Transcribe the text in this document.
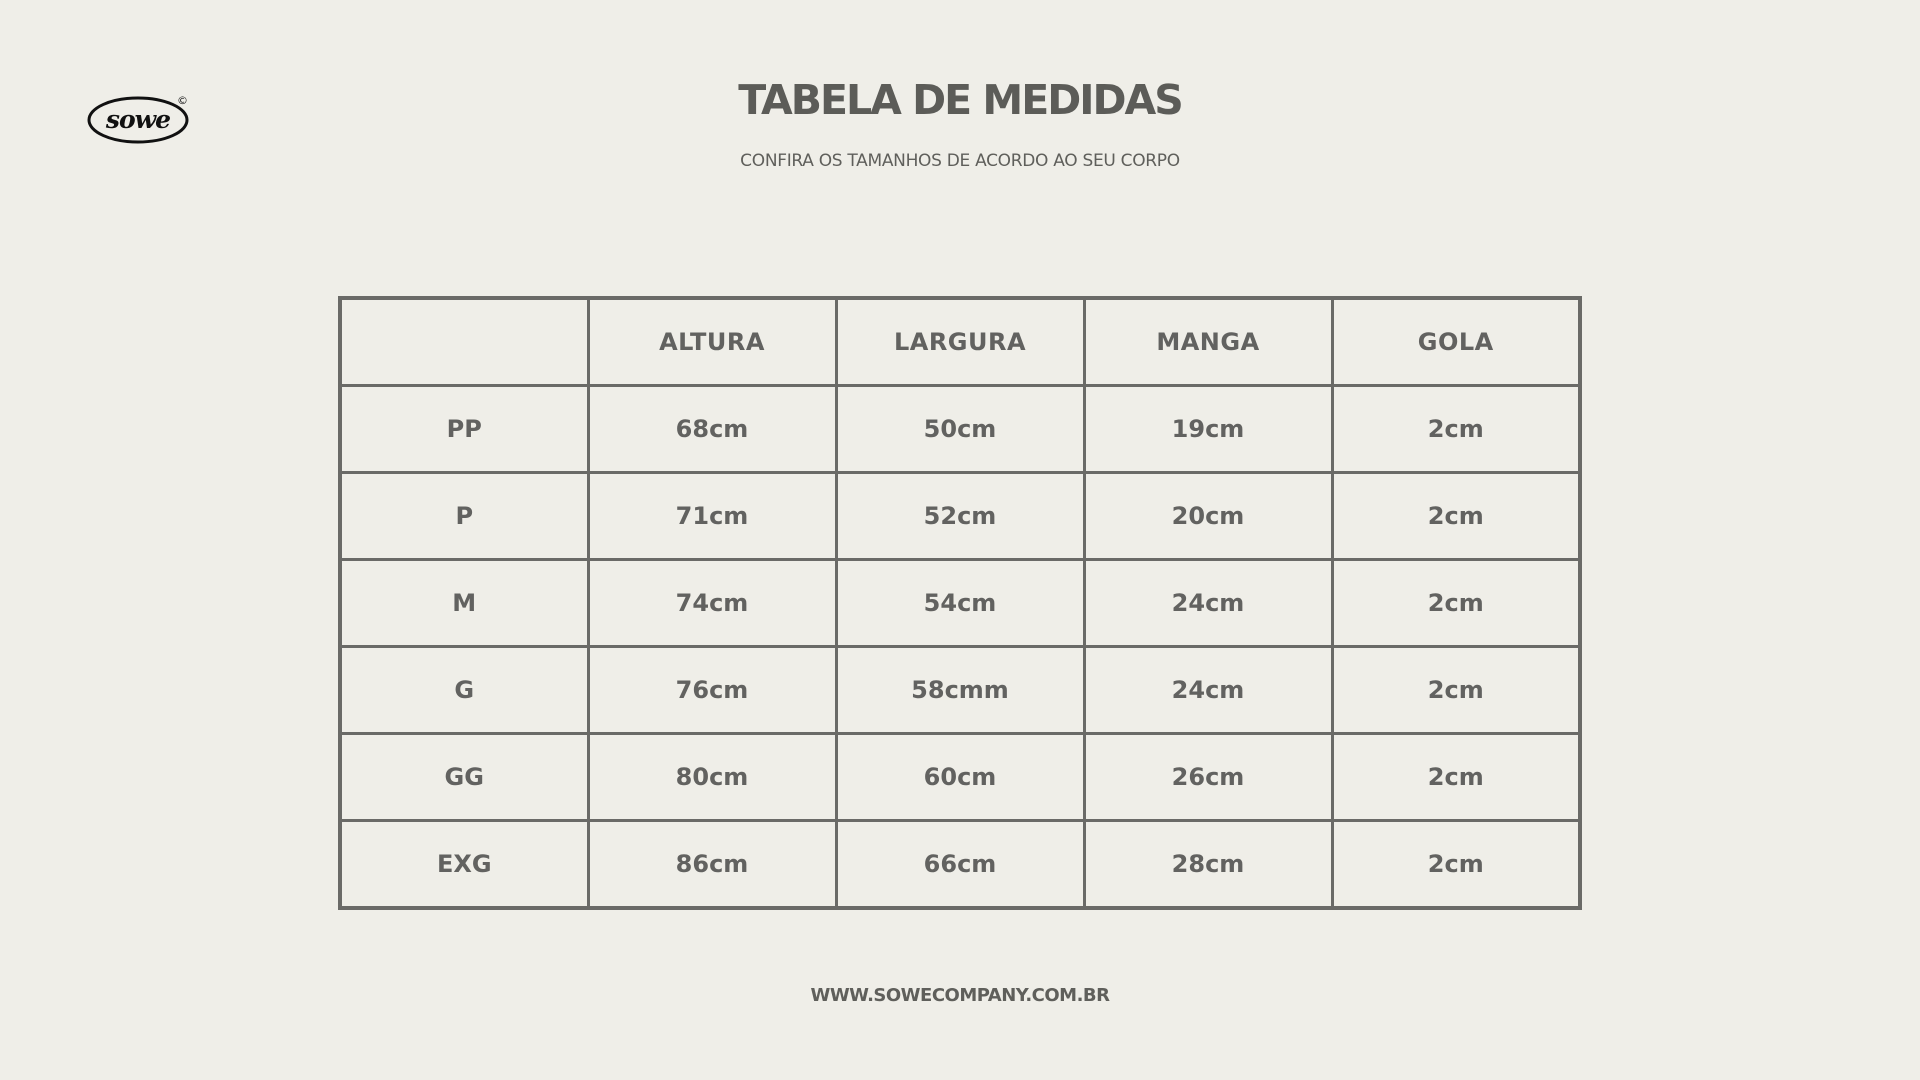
sowe
©	TABELA DE MEDIDAS
CONFIRA OS TAMANHOS DE ACORDO AO SEU CORPO
	ALTURA	LARGURA	MANGA	GOLA
PP	68cm	50cm	19cm	2cm
P	71cm	52cm	20cm	2cm
M	74cm	54cm	24cm	2cm
G	76cm	58cmm	24cm	2cm
GG	80cm	60cm	26cm	2cm
EXG	86cm	66cm	28cm	2cm
WWW.SOWECOMPANY.COM.BR
